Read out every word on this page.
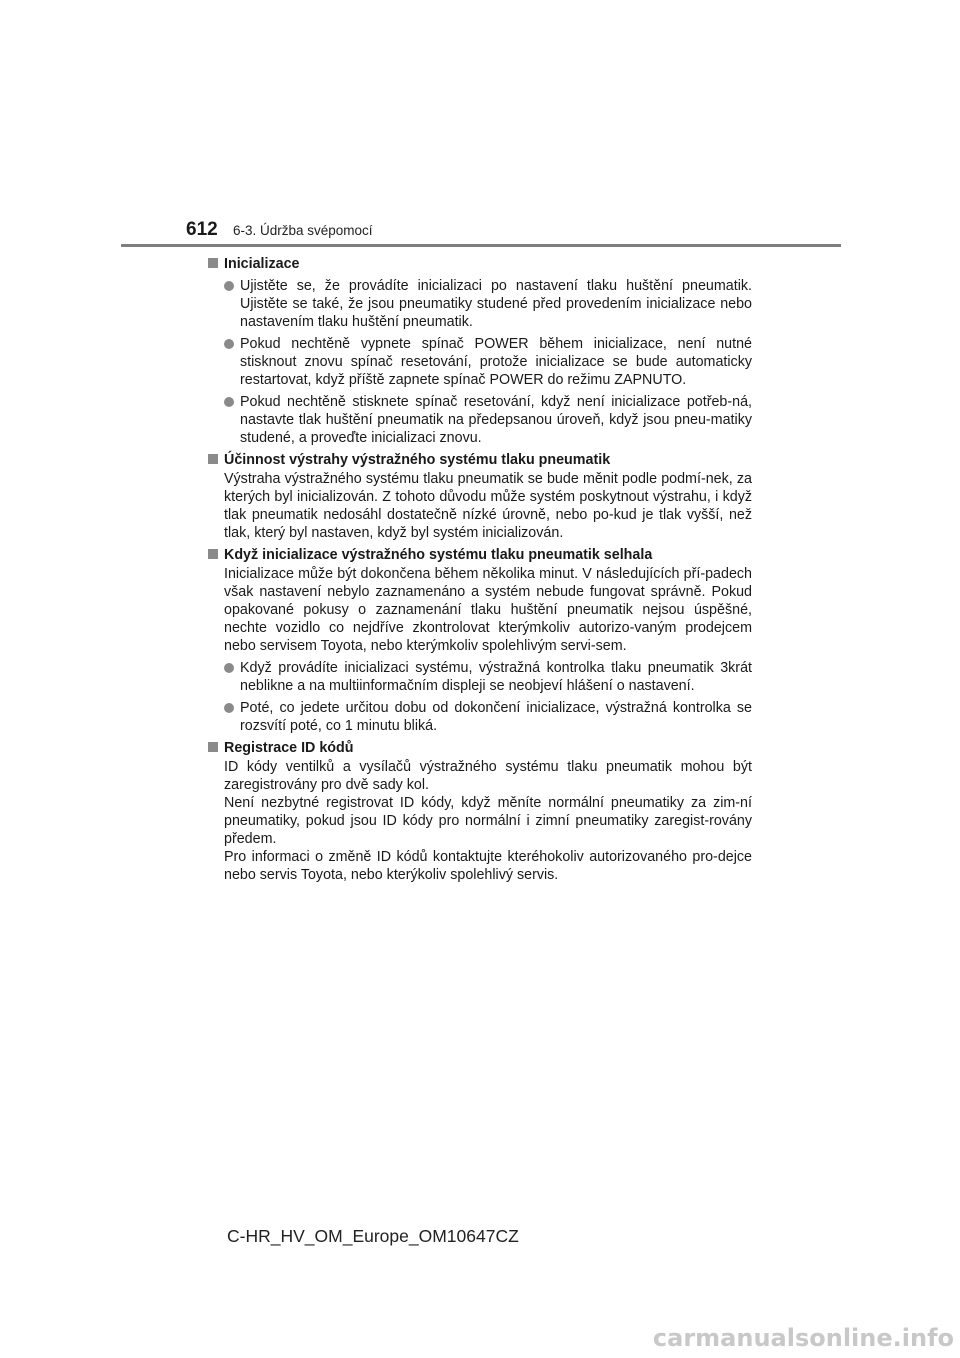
612 6-3. Údržba svépomocí
Inicializace
Ujistěte se, že provádíte inicializaci po nastavení tlaku huštění pneumatik. Ujistěte se také, že jsou pneumatiky studené před provedením inicializace nebo nastavením tlaku huštění pneumatik.
Pokud nechtěně vypnete spínač POWER během inicializace, není nutné stisknout znovu spínač resetování, protože inicializace se bude automaticky restartovat, když příště zapnete spínač POWER do režimu ZAPNUTO.
Pokud nechtěně stisknete spínač resetování, když není inicializace potřeb-ná, nastavte tlak huštění pneumatik na předepsanou úroveň, když jsou pneu-matiky studené, a proveďte inicializaci znovu.
Účinnost výstrahy výstražného systému tlaku pneumatik

Výstraha výstražného systému tlaku pneumatik se bude měnit podle podmí-nek, za kterých byl inicializován. Z tohoto důvodu může systém poskytnout výstrahu, i když tlak pneumatik nedosáhl dostatečně nízké úrovně, nebo po-kud je tlak vyšší, než tlak, který byl nastaven, když byl systém inicializován.

Když inicializace výstražného systému tlaku pneumatik selhala

Inicializace může být dokončena během několika minut. V následujících pří-padech však nastavení nebylo zaznamenáno a systém nebude fungovat správně. Pokud opakované pokusy o zaznamenání tlaku huštění pneumatik nejsou úspěšné, nechte vozidlo co nejdříve zkontrolovat kterýmkoliv autorizo-vaným prodejcem nebo servisem Toyota, nebo kterýmkoliv spolehlivým servi-sem.

Když provádíte inicializaci systému, výstražná kontrolka tlaku pneumatik 3krát neblikne a na multiinformačním displeji se neobjeví hlášení o nastavení.
Poté, co jedete určitou dobu od dokončení inicializace, výstražná kontrolka se rozsvítí poté, co 1 minutu bliká.
Registrace ID kódů

ID kódy ventilků a vysílačů výstražného systému tlaku pneumatik mohou být zaregistrovány pro dvě sady kol.

Není nezbytné registrovat ID kódy, když měníte normální pneumatiky za zim-ní pneumatiky, pokud jsou ID kódy pro normální i zimní pneumatiky zaregist-rovány předem.

Pro informaci o změně ID kódů kontaktujte kteréhokoliv autorizovaného pro-dejce nebo servis Toyota, nebo kterýkoliv spolehlivý servis.

C-HR_HV_OM_Europe_OM10647CZ
carmanualsonline.info
